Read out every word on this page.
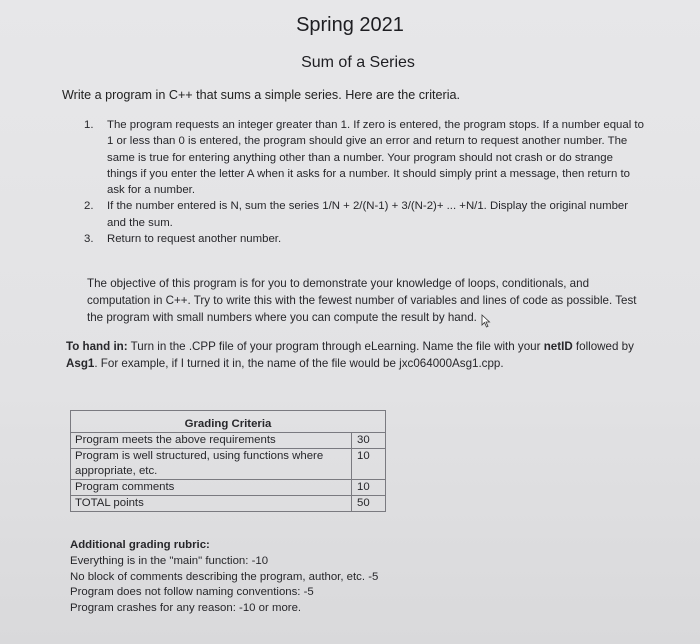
Spring 2021
Sum of a Series
Write a program in C++ that sums a simple series. Here are the criteria.
1. The program requests an integer greater than 1. If zero is entered, the program stops. If a number equal to 1 or less than 0 is entered, the program should give an error and return to request another number. The same is true for entering anything other than a number. Your program should not crash or do strange things if you enter the letter A when it asks for a number. It should simply print a message, then return to ask for a number.
2. If the number entered is N, sum the series 1/N + 2/(N-1) + 3/(N-2)+ ... +N/1. Display the original number and the sum.
3. Return to request another number.
The objective of this program is for you to demonstrate your knowledge of loops, conditionals, and computation in C++. Try to write this with the fewest number of variables and lines of code as possible. Test the program with small numbers where you can compute the result by hand.
To hand in: Turn in the .CPP file of your program through eLearning. Name the file with your netID followed by Asg1. For example, if I turned it in, the name of the file would be jxc064000Asg1.cpp.

Grading Criteria	
Program meets the above requirements	30
Program is well structured, using functions where appropriate, etc.	10
Program comments	10
TOTAL points	50
Additional grading rubric:
Everything is in the "main" function: -10
No block of comments describing the program, author, etc. -5
Program does not follow naming conventions: -5
Program crashes for any reason: -10 or more.
